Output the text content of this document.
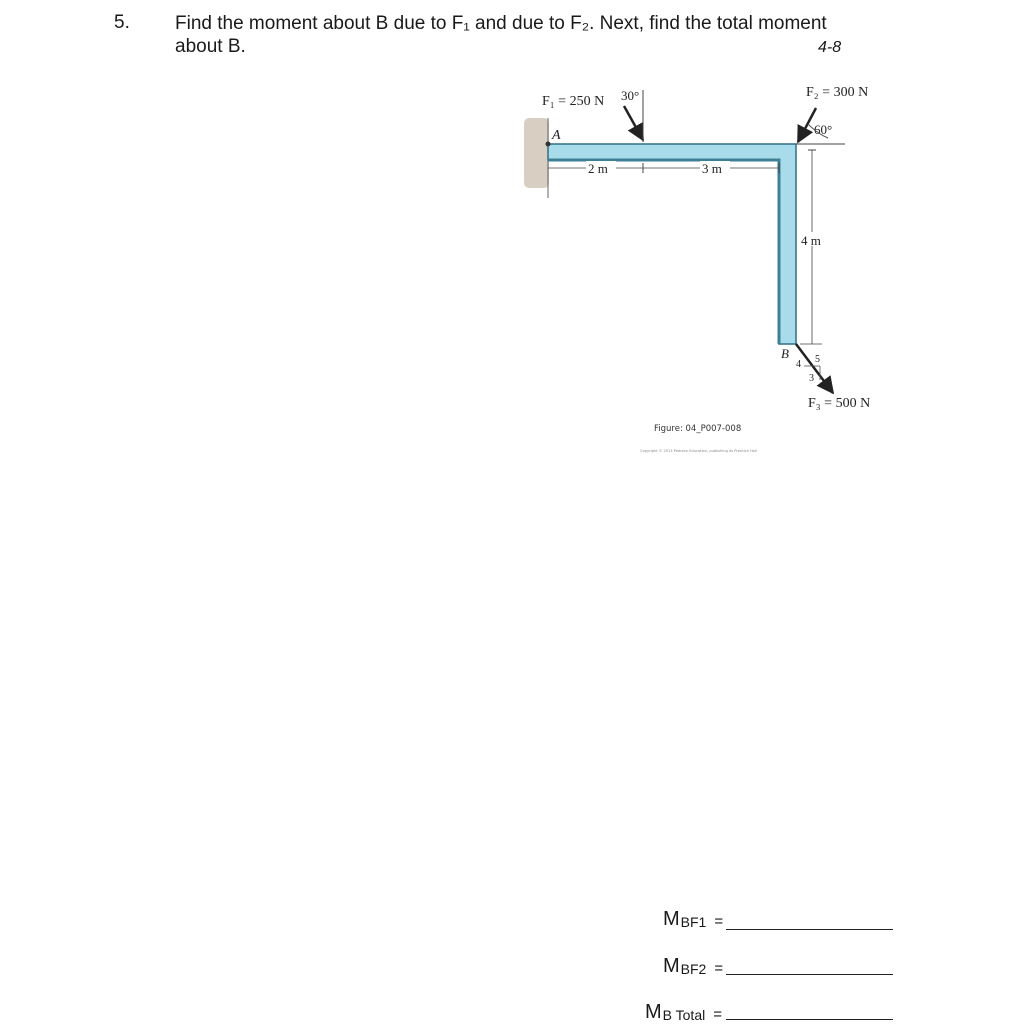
5. Find the moment about B due to F₁ and due to F₂. Next, find the total moment about B.	4-8
A
F₁ = 250 N 30°	F₂ = 300 N
60°
2 m	3 m
4 m
B
4 5
3
F₃ = 500 N
Figure: 04_P007-008
Copyright © 2013 Pearson Education, publishing as Prentice Hall
M BF1 =
M BF2 =
M B Total =
